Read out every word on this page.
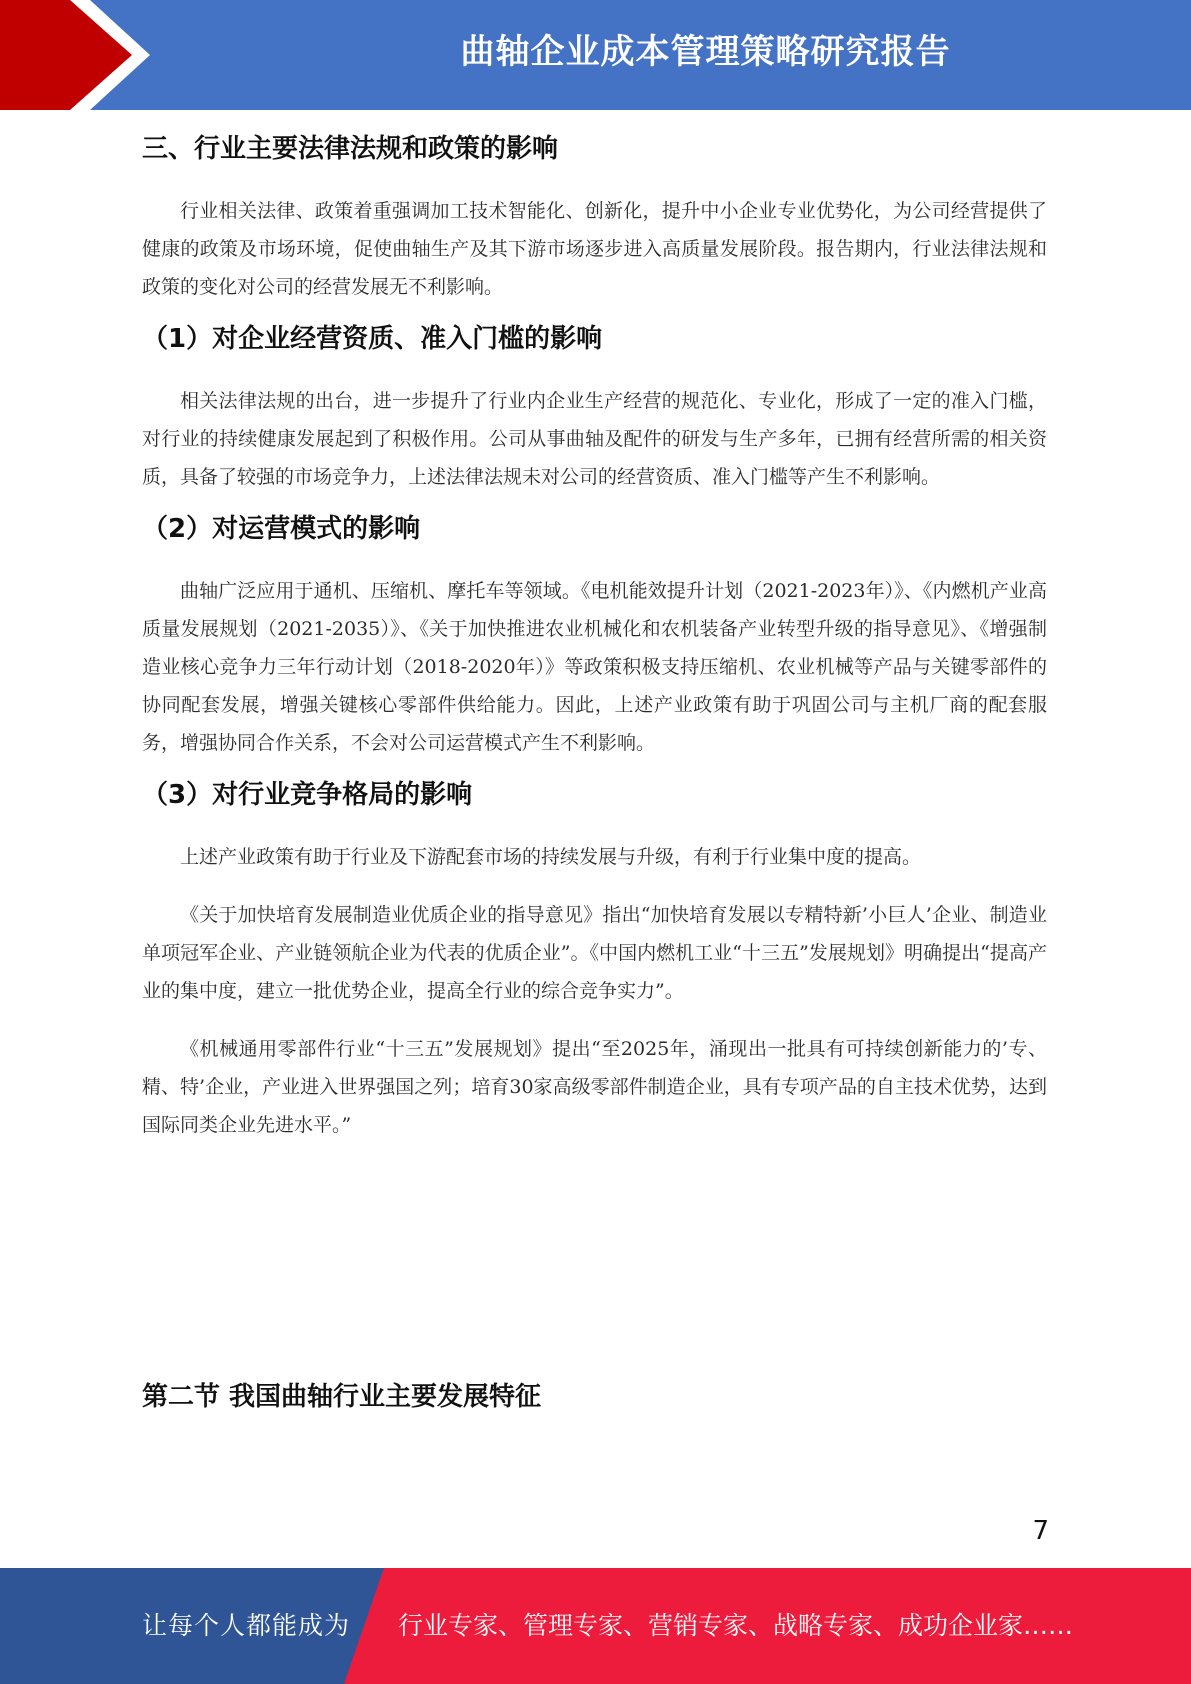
曲轴企业成本管理策略研究报告
三、行业主要法律法规和政策的影响

行业相关法律、政策着重强调加工技术智能化、创新化，提升中小企业专业优势化，为公司经营提供了健康的政策及市场环境，促使曲轴生产及其下游市场逐步进入高质量发展阶段。报告期内，行业法律法规和政策的变化对公司的经营发展无不利影响。

（1）对企业经营资质、准入门槛的影响

相关法律法规的出台，进一步提升了行业内企业生产经营的规范化、专业化，形成了一定的准入门槛，对行业的持续健康发展起到了积极作用。公司从事曲轴及配件的研发与生产多年，已拥有经营所需的相关资质，具备了较强的市场竞争力，上述法律法规未对公司的经营资质、准入门槛等产生不利影响。

（2）对运营模式的影响

曲轴广泛应用于通机、压缩机、摩托车等领域。《电机能效提升计划（2021-2023年）》、《内燃机产业高质量发展规划（2021-2035）》、《关于加快推进农业机械化和农机装备产业转型升级的指导意见》、《增强制造业核心竞争力三年行动计划（2018-2020年）》等政策积极支持压缩机、农业机械等产品与关键零部件的协同配套发展，增强关键核心零部件供给能力。因此，上述产业政策有助于巩固公司与主机厂商的配套服务，增强协同合作关系，不会对公司运营模式产生不利影响。

（3）对行业竞争格局的影响

上述产业政策有助于行业及下游配套市场的持续发展与升级，有利于行业集中度的提高。

《关于加快培育发展制造业优质企业的指导意见》指出“加快培育发展以专精特新’小巨人’企业、制造业单项冠军企业、产业链领航企业为代表的优质企业”。《中国内燃机工业“十三五”发展规划》明确提出“提高产业的集中度，建立一批优势企业，提高全行业的综合竞争实力”。

《机械通用零部件行业“十三五”发展规划》提出“至2025年，涌现出一批具有可持续创新能力的’专、精、特’企业，产业进入世界强国之列；培育30家高级零部件制造企业，具有专项产品的自主技术优势，达到国际同类企业先进水平。”

第二节 我国曲轴行业主要发展特征
7
让每个人都能成为 行业专家、管理专家、营销专家、战略专家、成功企业家……
